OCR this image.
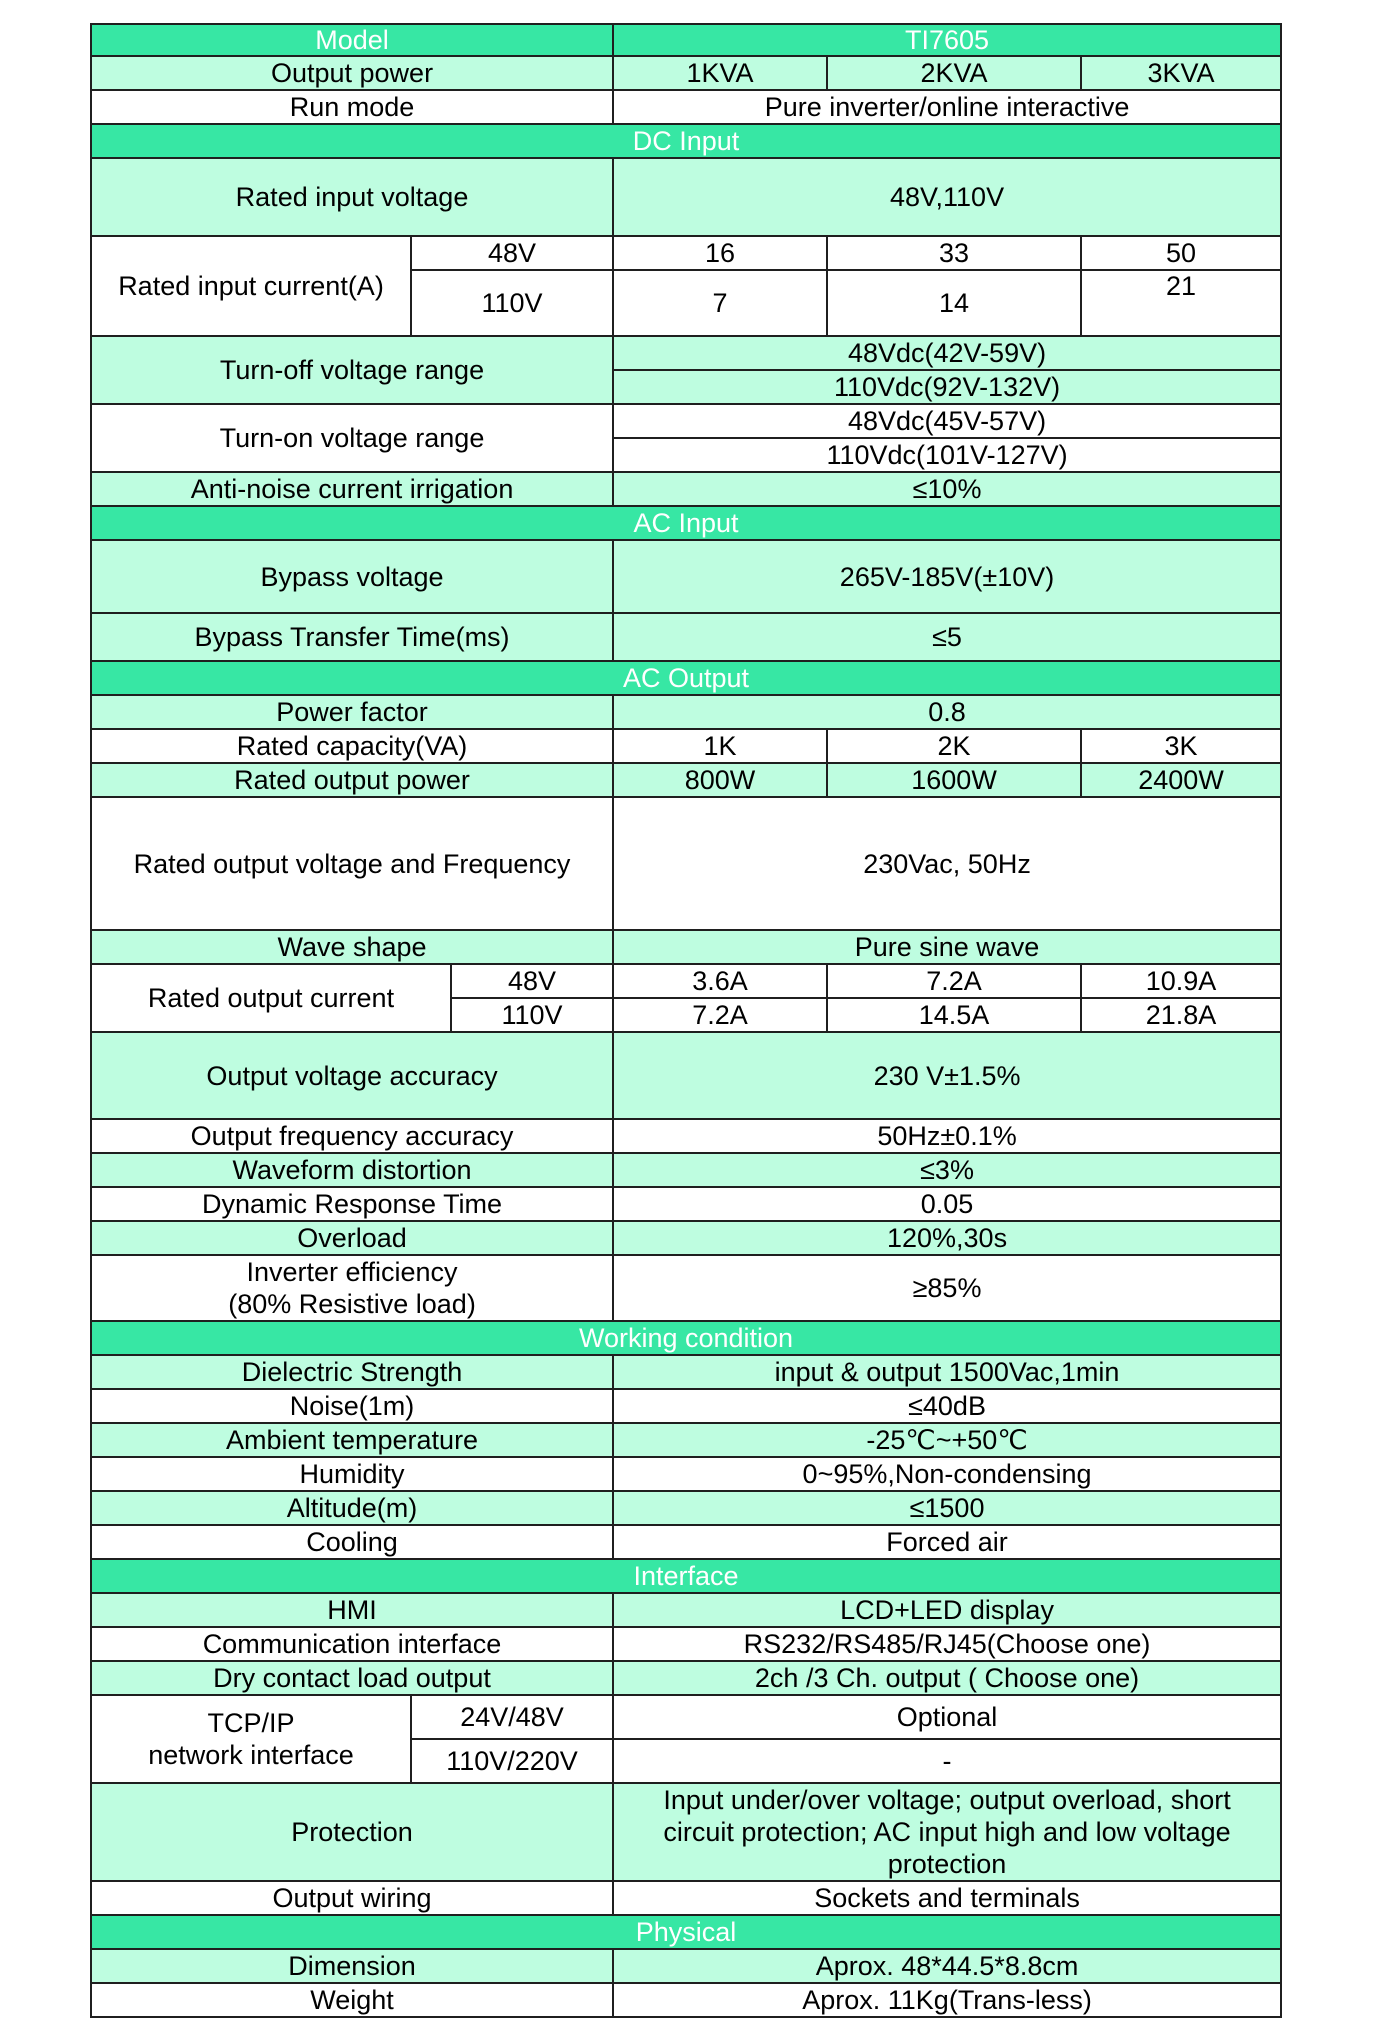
Model			TI7605		
Output power			1KVA	2KVA	3KVA
Run mode			Pure inverter/online interactive		
DC Input					
Rated input voltage			48V,110V		
Rated input current(A)	48V		16	33	50
	110V		7	14	21
Turn-off voltage range			48Vdc(42V-59V)		
			110Vdc(92V-132V)		
Turn-on voltage range			48Vdc(45V-57V)		
			110Vdc(101V-127V)		
Anti-noise current irrigation			≤10%		
AC Input					
Bypass voltage			265V-185V(±10V)		
Bypass Transfer Time(ms)			≤5		
AC Output					
Power factor			0.8		
Rated capacity(VA)			1K	2K	3K
Rated output power			800W	1600W	2400W
Rated output voltage and Frequency			230Vac, 50Hz		
Wave shape			Pure sine wave		
Rated output current		48V	3.6A	7.2A	10.9A
		110V	7.2A	14.5A	21.8A
Output voltage accuracy			230 V±1.5%		
Output frequency accuracy			50Hz±0.1%		
Waveform distortion			≤3%		
Dynamic Response Time			0.05		
Overload			120%,30s		

Inverter efficiency
(80% Resistive load)			≥85%		
Working condition					
Dielectric Strength			input & output 1500Vac,1min		
Noise(1m)			≤40dB		
Ambient temperature			-25℃~+50℃		
Humidity			0~95%,Non-condensing		
Altitude(m)			≤1500		
Cooling			Forced air		
Interface					
HMI			LCD+LED display		
Communication interface			RS232/RS485/RJ45(Choose one)		
Dry contact load output			2ch /3 Ch. output ( Choose one)		

TCP/IP
network interface	24V/48V		Optional		
	110V/220V		-		
Protection			Input under/over voltage; output overload, short circuit protection; AC input high and low voltage protection		
Output wiring			Sockets and terminals		
Physical					
Dimension			Aprox. 48*44.5*8.8cm		
Weight			Aprox. 11Kg(Trans-less)		
